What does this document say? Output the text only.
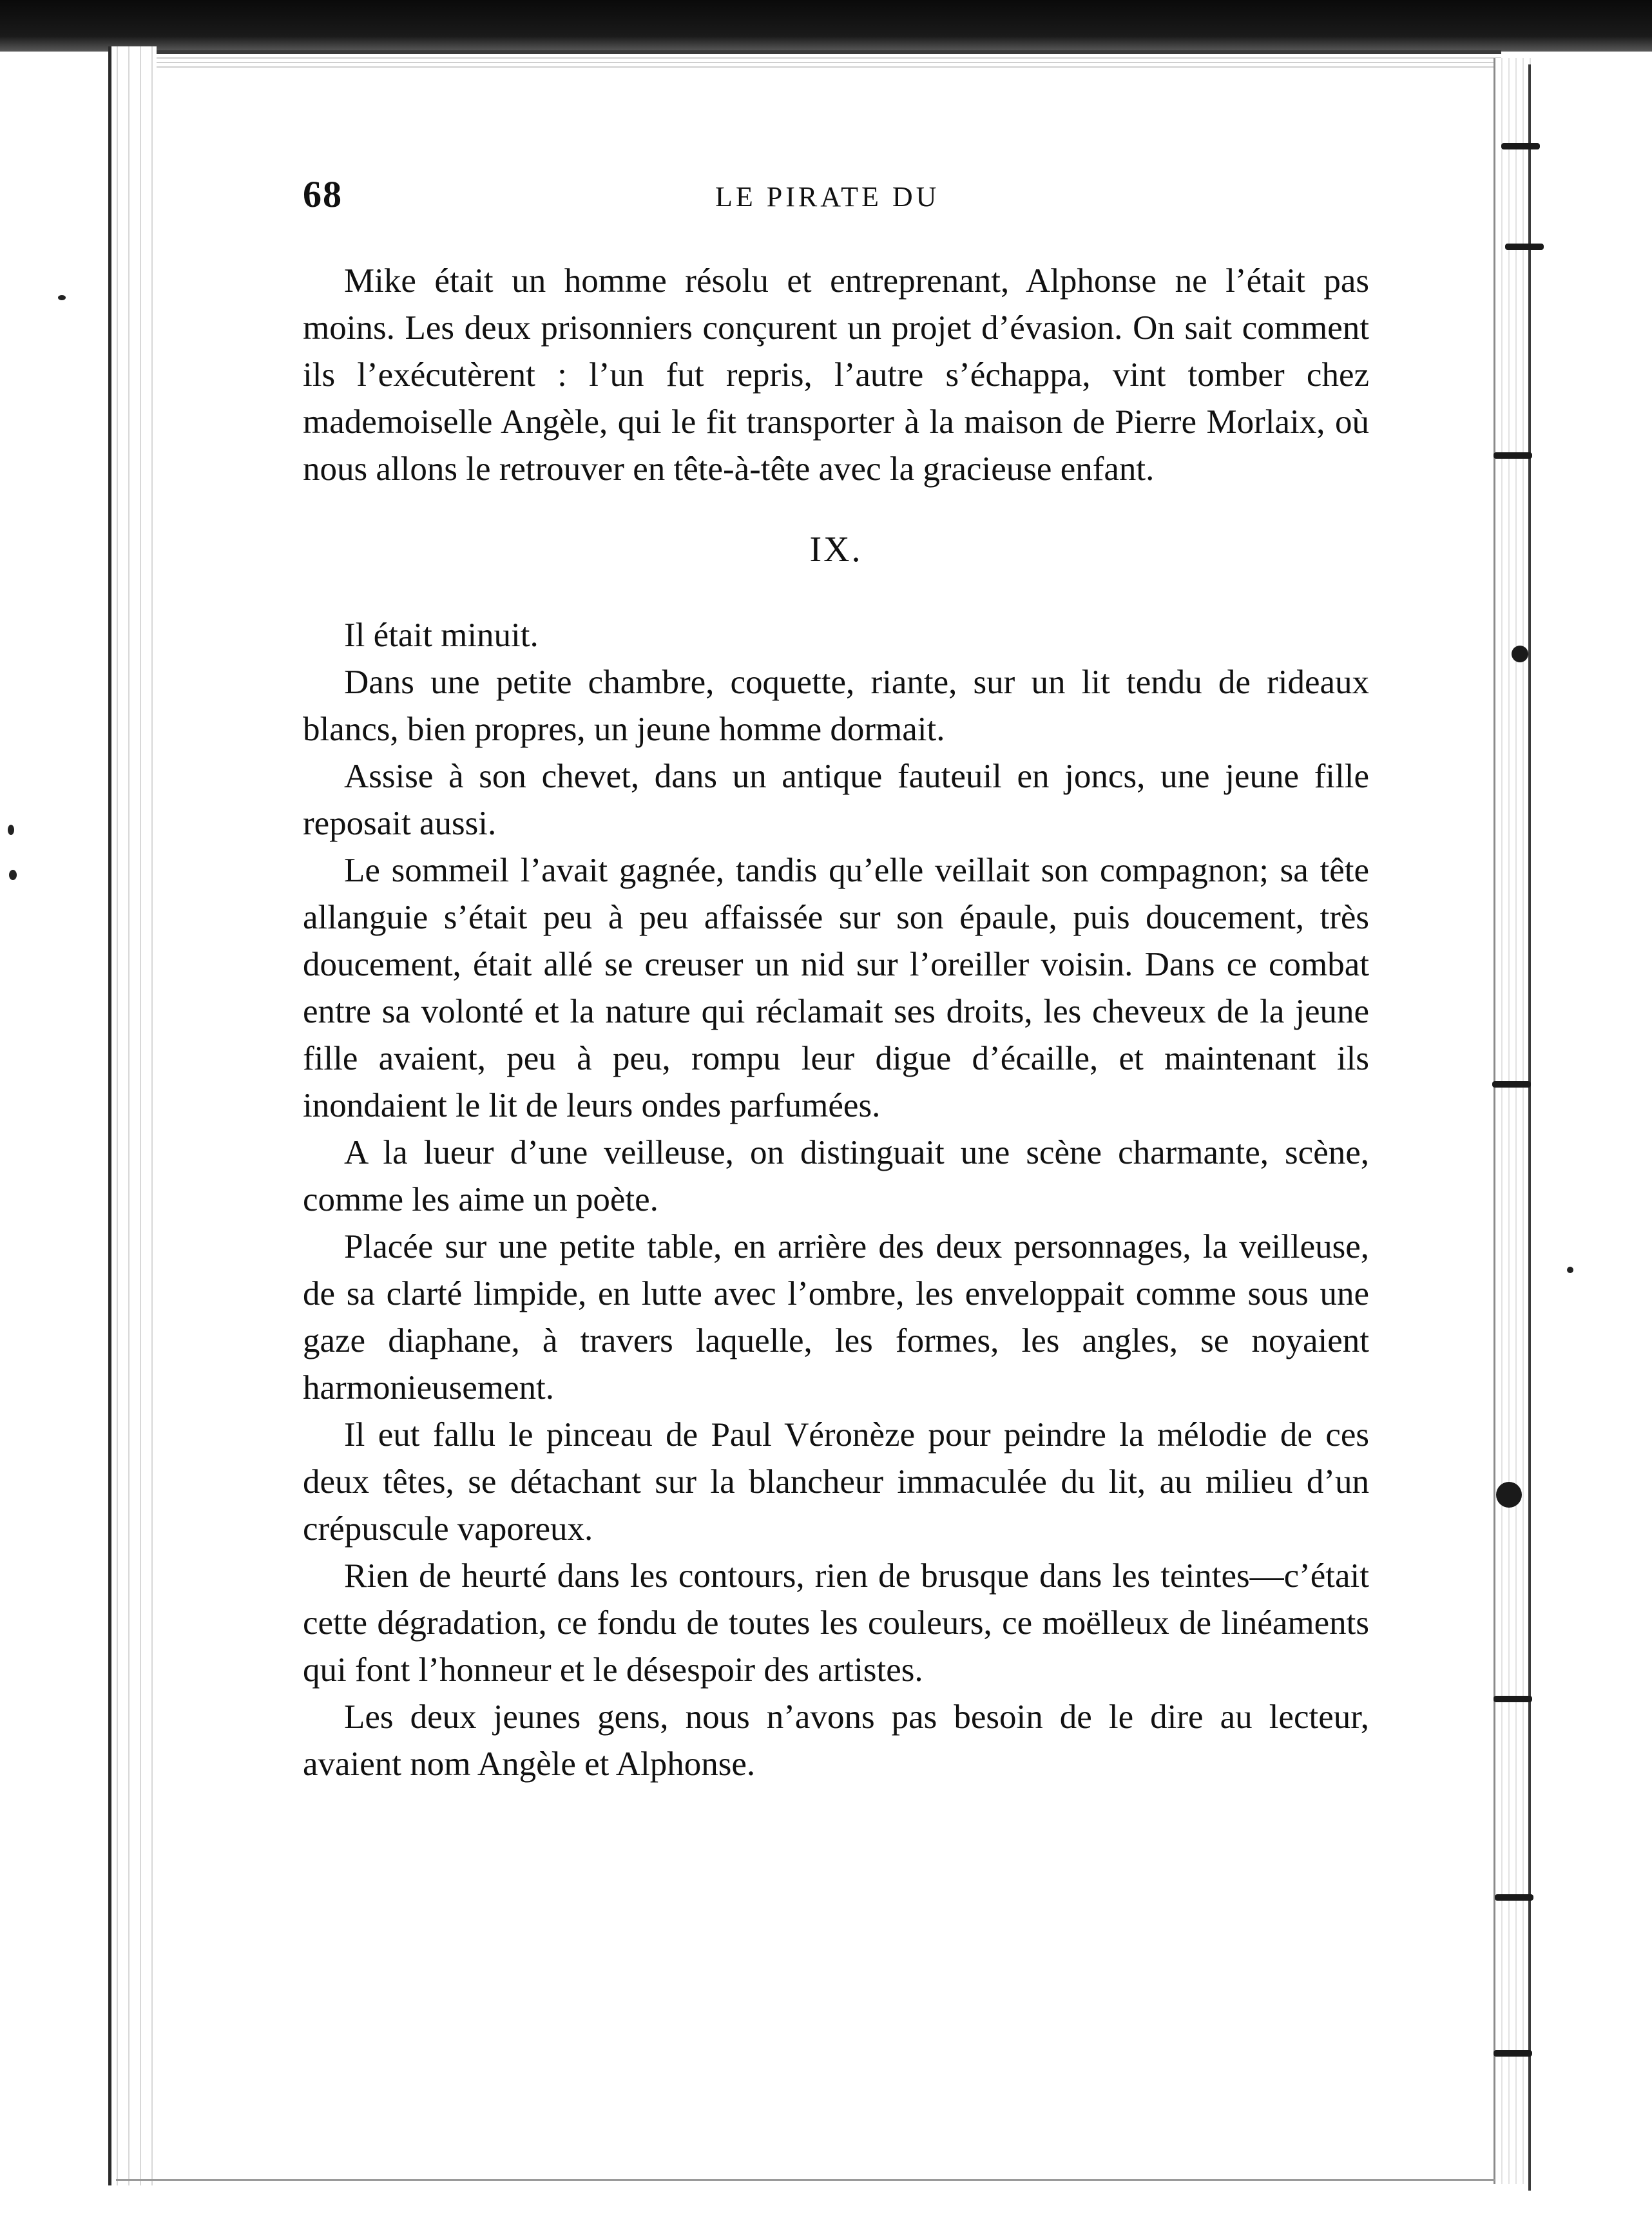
68	LE PIRATE DU

Mike était un homme résolu et entreprenant, Alphonse ne l’était pas moins. Les deux prisonniers conçurent un projet d’évasion. On sait comment ils l’exécutèrent : l’un fut repris, l’autre s’échappa, vint tomber chez mademoiselle Angèle, qui le fit transporter à la maison de Pierre Morlaix, où nous allons le retrouver en tête-à-tête avec la gracieuse enfant.

IX.

Il était minuit.

Dans une petite chambre, coquette, riante, sur un lit tendu de rideaux blancs, bien propres, un jeune homme dormait.

Assise à son chevet, dans un antique fauteuil en joncs, une jeune fille reposait aussi.

Le sommeil l’avait gagnée, tandis qu’elle veillait son compagnon; sa tête allanguie s’était peu à peu affaissée sur son épaule, puis doucement, très doucement, était allé se creuser un nid sur l’oreiller voisin. Dans ce combat entre sa volonté et la nature qui réclamait ses droits, les cheveux de la jeune fille avaient, peu à peu, rompu leur digue d’écaille, et maintenant ils inondaient le lit de leurs ondes parfumées.

A la lueur d’une veilleuse, on distinguait une scène charmante, scène, comme les aime un poète.

Placée sur une petite table, en arrière des deux personnages, la veilleuse, de sa clarté limpide, en lutte avec l’ombre, les enveloppait comme sous une gaze diaphane, à travers laquelle, les formes, les angles, se noyaient harmonieusement.

Il eut fallu le pinceau de Paul Véronèze pour peindre la mélodie de ces deux têtes, se détachant sur la blancheur immaculée du lit, au milieu d’un crépuscule vaporeux.

Rien de heurté dans les contours, rien de brusque dans les teintes—c’était cette dégradation, ce fondu de toutes les couleurs, ce moëlleux de linéaments qui font l’honneur et le désespoir des artistes.

Les deux jeunes gens, nous n’avons pas besoin de le dire au lecteur, avaient nom Angèle et Alphonse.
